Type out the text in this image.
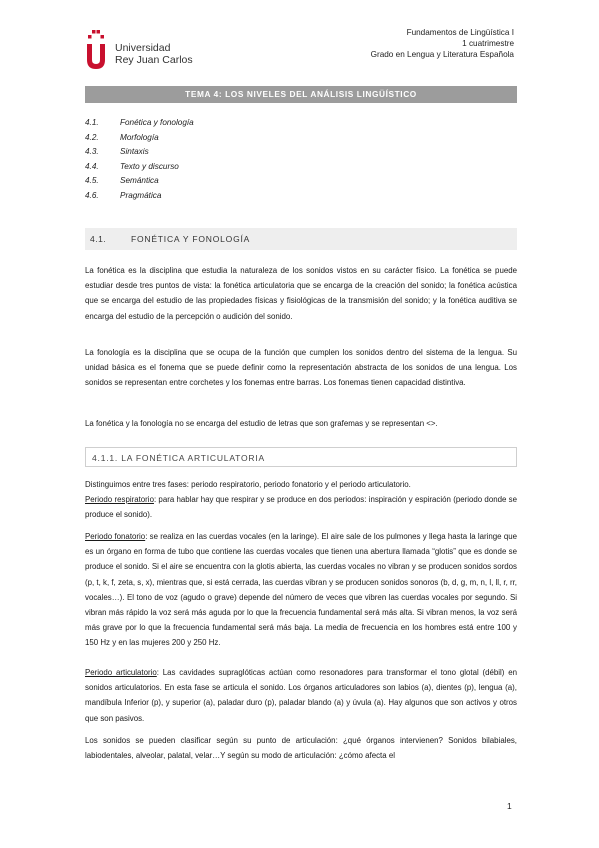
Universidad
Rey Juan Carlos
Fundamentos de Lingüística I
1 cuatrimestre
Grado en Lengua y Literatura Española
TEMA 4: LOS NIVELES DEL ANÁLISIS LINGÜÍSTICO
4.1.	Fonética y fonología
4.2.	Morfología
4.3.	Sintaxis
4.4.	Texto y discurso
4.5.	Semántica
4.6.	Pragmática
4.1.	FONÉTICA Y FONOLOGÍA
La fonética es la disciplina que estudia la naturaleza de los sonidos vistos en su carácter físico. La fonética se puede estudiar desde tres puntos de vista: la fonética articulatoria que se encarga de la creación del sonido; la fonética acústica que se encarga del estudio de las propiedades físicas y fisiológicas de la transmisión del sonido; y la fonética auditiva se encarga del estudio de la percepción o audición del sonido.
La fonología es la disciplina que se ocupa de la función que cumplen los sonidos dentro del sistema de la lengua. Su unidad básica es el fonema que se puede definir como la representación abstracta de los sonidos de una lengua. Los sonidos se representan entre corchetes y los fonemas entre barras. Los fonemas tienen capacidad distintiva.
La fonética y la fonología no se encarga del estudio de letras que son grafemas y se representan <>.
4.1.1. LA FONÉTICA ARTICULATORIA
Distinguimos entre tres fases: periodo respiratorio, periodo fonatorio y el periodo articulatorio.
Periodo respiratorio: para hablar hay que respirar y se produce en dos periodos: inspiración y espiración (periodo donde se produce el sonido).
Periodo fonatorio: se realiza en las cuerdas vocales (en la laringe). El aire sale de los pulmones y llega hasta la laringe que es un órgano en forma de tubo que contiene las cuerdas vocales que tienen una abertura llamada “glotis” que es donde se produce el sonido. Si el aire se encuentra con la glotis abierta, las cuerdas vocales no vibran y se producen sonidos sordos (p, t, k, f, zeta, s, x), mientras que, si está cerrada, las cuerdas vibran y se producen sonidos sonoros (b, d, g, m, n, l, ll, r, rr, vocales…). El tono de voz (agudo o grave) depende del número de veces que vibren las cuerdas vocales por segundo. Si vibran más rápido la voz será más aguda por lo que la frecuencia fundamental será más alta. Si vibran menos, la voz será más grave por lo que la frecuencia fundamental será más baja. La media de frecuencia en los hombres está entre 100 y 150 Hz y en las mujeres 200 y 250 Hz.
Periodo articulatorio: Las cavidades supraglóticas actúan como resonadores para transformar el tono glotal (débil) en sonidos articulatorios. En esta fase se articula el sonido. Los órganos articuladores son labios (a), dientes (p), lengua (a), mandíbula Inferior (p), y superior (a), paladar duro (p), paladar blando (a) y úvula (a). Hay algunos que son activos y otros que son pasivos.
Los sonidos se pueden clasificar según su punto de articulación: ¿qué órganos intervienen? Sonidos bilabiales, labiodentales, alveolar, palatal, velar…Y según su modo de articulación: ¿cómo afecta el
1
